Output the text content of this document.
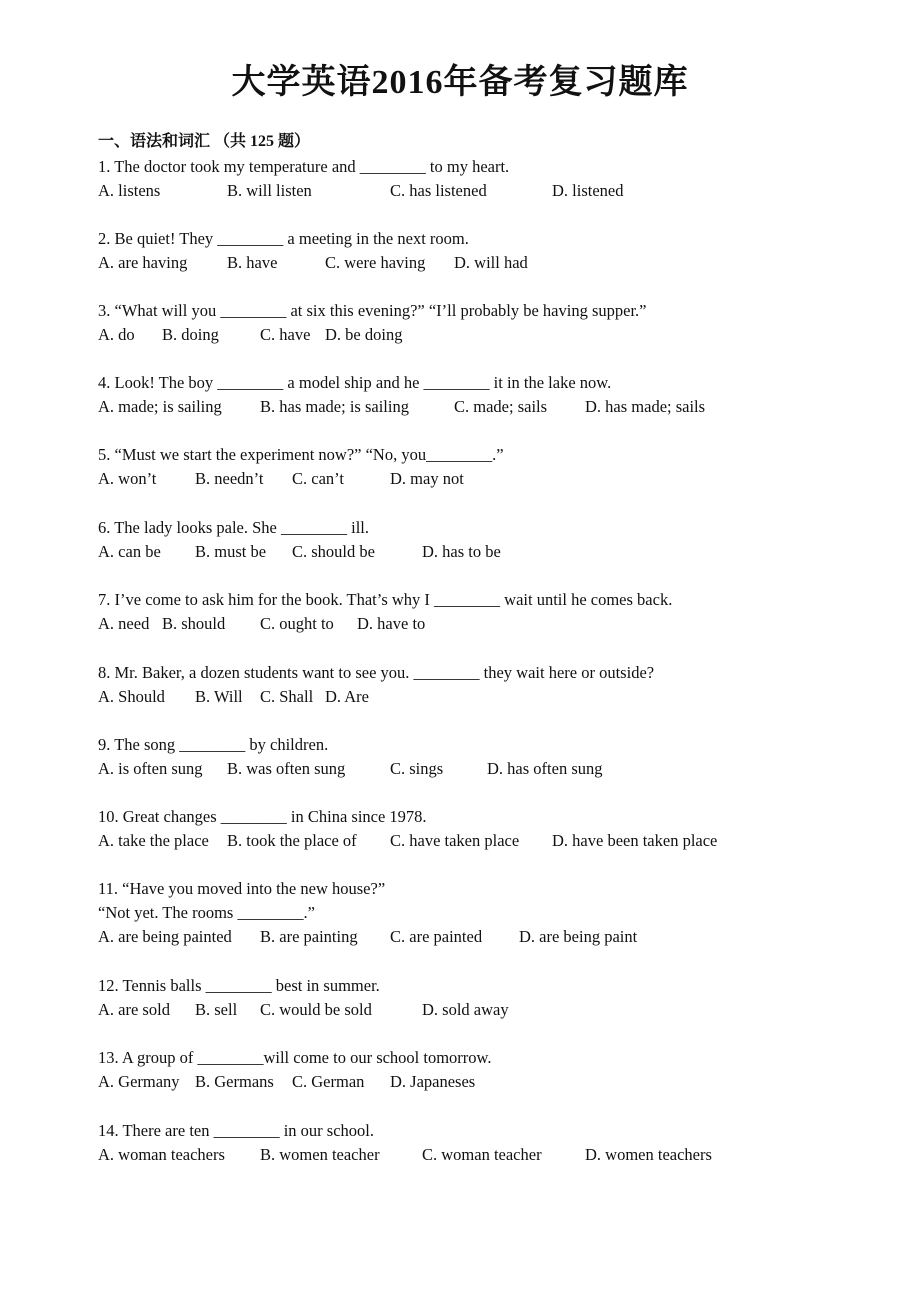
大学英语2016年备考复习题库
一、语法和词汇 （共 125 题）
1. The doctor took my temperature and ________ to my heart.
A. listens	B. will listen	C. has listened	D. listened
2. Be quiet! They ________ a meeting in the next room.
A. are having B. have	C. were having D. will had
3. “What will you ________ at six this evening?” “I’ll probably be having supper.”
A. do B. doing C. have D. be doing
4. Look! The boy ________ a model ship and he ________ it in the lake now.
A. made; is sailing B. has made; is sailing	C. made; sails D. has made; sails
5. “Must we start the experiment now?” “No, you________.”
A. won’t B. needn’t C. can’t	D. may not
6. The lady looks pale. She ________ ill.
A. can be B. must be C. should be	D. has to be
7. I’ve come to ask him for the book. That’s why I ________ wait until he comes back.
A. need B. should C. ought to D. have to
8. Mr. Baker, a dozen students want to see you. ________ they wait here or outside?
A. Should B. Will C. Shall D. Are
9. The song ________ by children.
A. is often sung B. was often sung	C. sings	D. has often sung
10. Great changes ________ in China since 1978.
A. take the place B. took the place of C. have taken place D. have been taken place
11. “Have you moved into the new house?”
“Not yet. The rooms ________.”
A. are being painted B. are painting C. are painted D. are being paint
12. Tennis balls ________ best in summer.
A. are sold B. sell C. would be sold	D. sold away
13. A group of ________will come to our school tomorrow.
A. Germany B. Germans C. German D. Japaneses
14. There are ten ________ in our school.
A. woman teachers B. women teacher	C. woman teacher	D. women teachers
